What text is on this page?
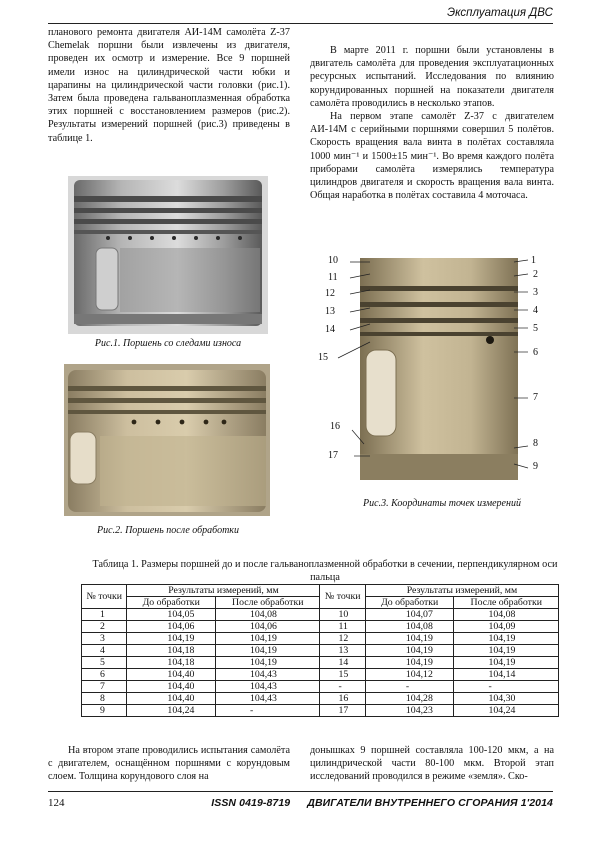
Эксплуатация ДВС

планового ремонта двигателя АИ-14М самолёта Z-37 Chemelak поршни были извлечены из двигателя, проведен их осмотр и измерение. Все 9 поршней имели износ на цилиндрической части юбки и царапины на цилиндрической части головки (рис.1). Затем была проведена гальваноплазменная обработка этих поршней с восстановлением размеров (рис.2). Результаты измерений поршней (рис.3) приведены в таблице 1.

В марте 2011 г. поршни были установлены в двигатель самолёта для проведения эксплуатационных ресурсных испытаний. Исследования по влиянию корундированных поршней на показатели двигателя самолёта проводились в несколько этапов.

На первом этапе самолёт Z-37 с двигателем АИ-14М с серийными поршнями совершил 5 полётов. Скорость вращения вала винта в полётах составляла 1000 мин⁻¹ и 1500±15 мин⁻¹. Во время каждого полёта приборами самолёта измерялись температура цилиндров двигателя и скорость вращения вала винта. Общая наработка в полётах составила 4 моточаса.

Рис.1. Поршень со следами износа
Рис.2. Поршень после обработки
10
11
12
13
14
15
16
17
1
2
3
4
5
6
7
8
9
Рис.3. Координаты точек измерений
Таблица 1. Размеры поршней до и после гальваноплазменной обработки в сечении, перпендикулярном оси пальца
№ точки	Результаты измерений, мм		№ точки	Результаты измерений, мм	
	До обработки	После обработки		До обработки	После обработки
1	104,05	104,08	10	104,07	104,08
2	104,06	104,06	11	104,08	104,09
3	104,19	104,19	12	104,19	104,19
4	104,18	104,19	13	104,19	104,19
5	104,18	104,19	14	104,19	104,19
6	104,40	104,43	15	104,12	104,14
7	104,40	104,43	-	-	-
8	104,40	104,43	16	104,28	104,30
9	104,24	-	17	104,23	104,24

На втором этапе проводились испытания самолёта с двигателем, оснащённом поршнями с корундовым слоем. Толщина корундового слоя на

донышках 9 поршней составляла 100-120 мкм, а на цилиндрической части 80-100 мкм. Второй этап исследований проводился в режиме «земля». Ско-

124	ISSN 0419-8719 ДВИГАТЕЛИ ВНУТРЕННЕГО СГОРАНИЯ 1'2014
